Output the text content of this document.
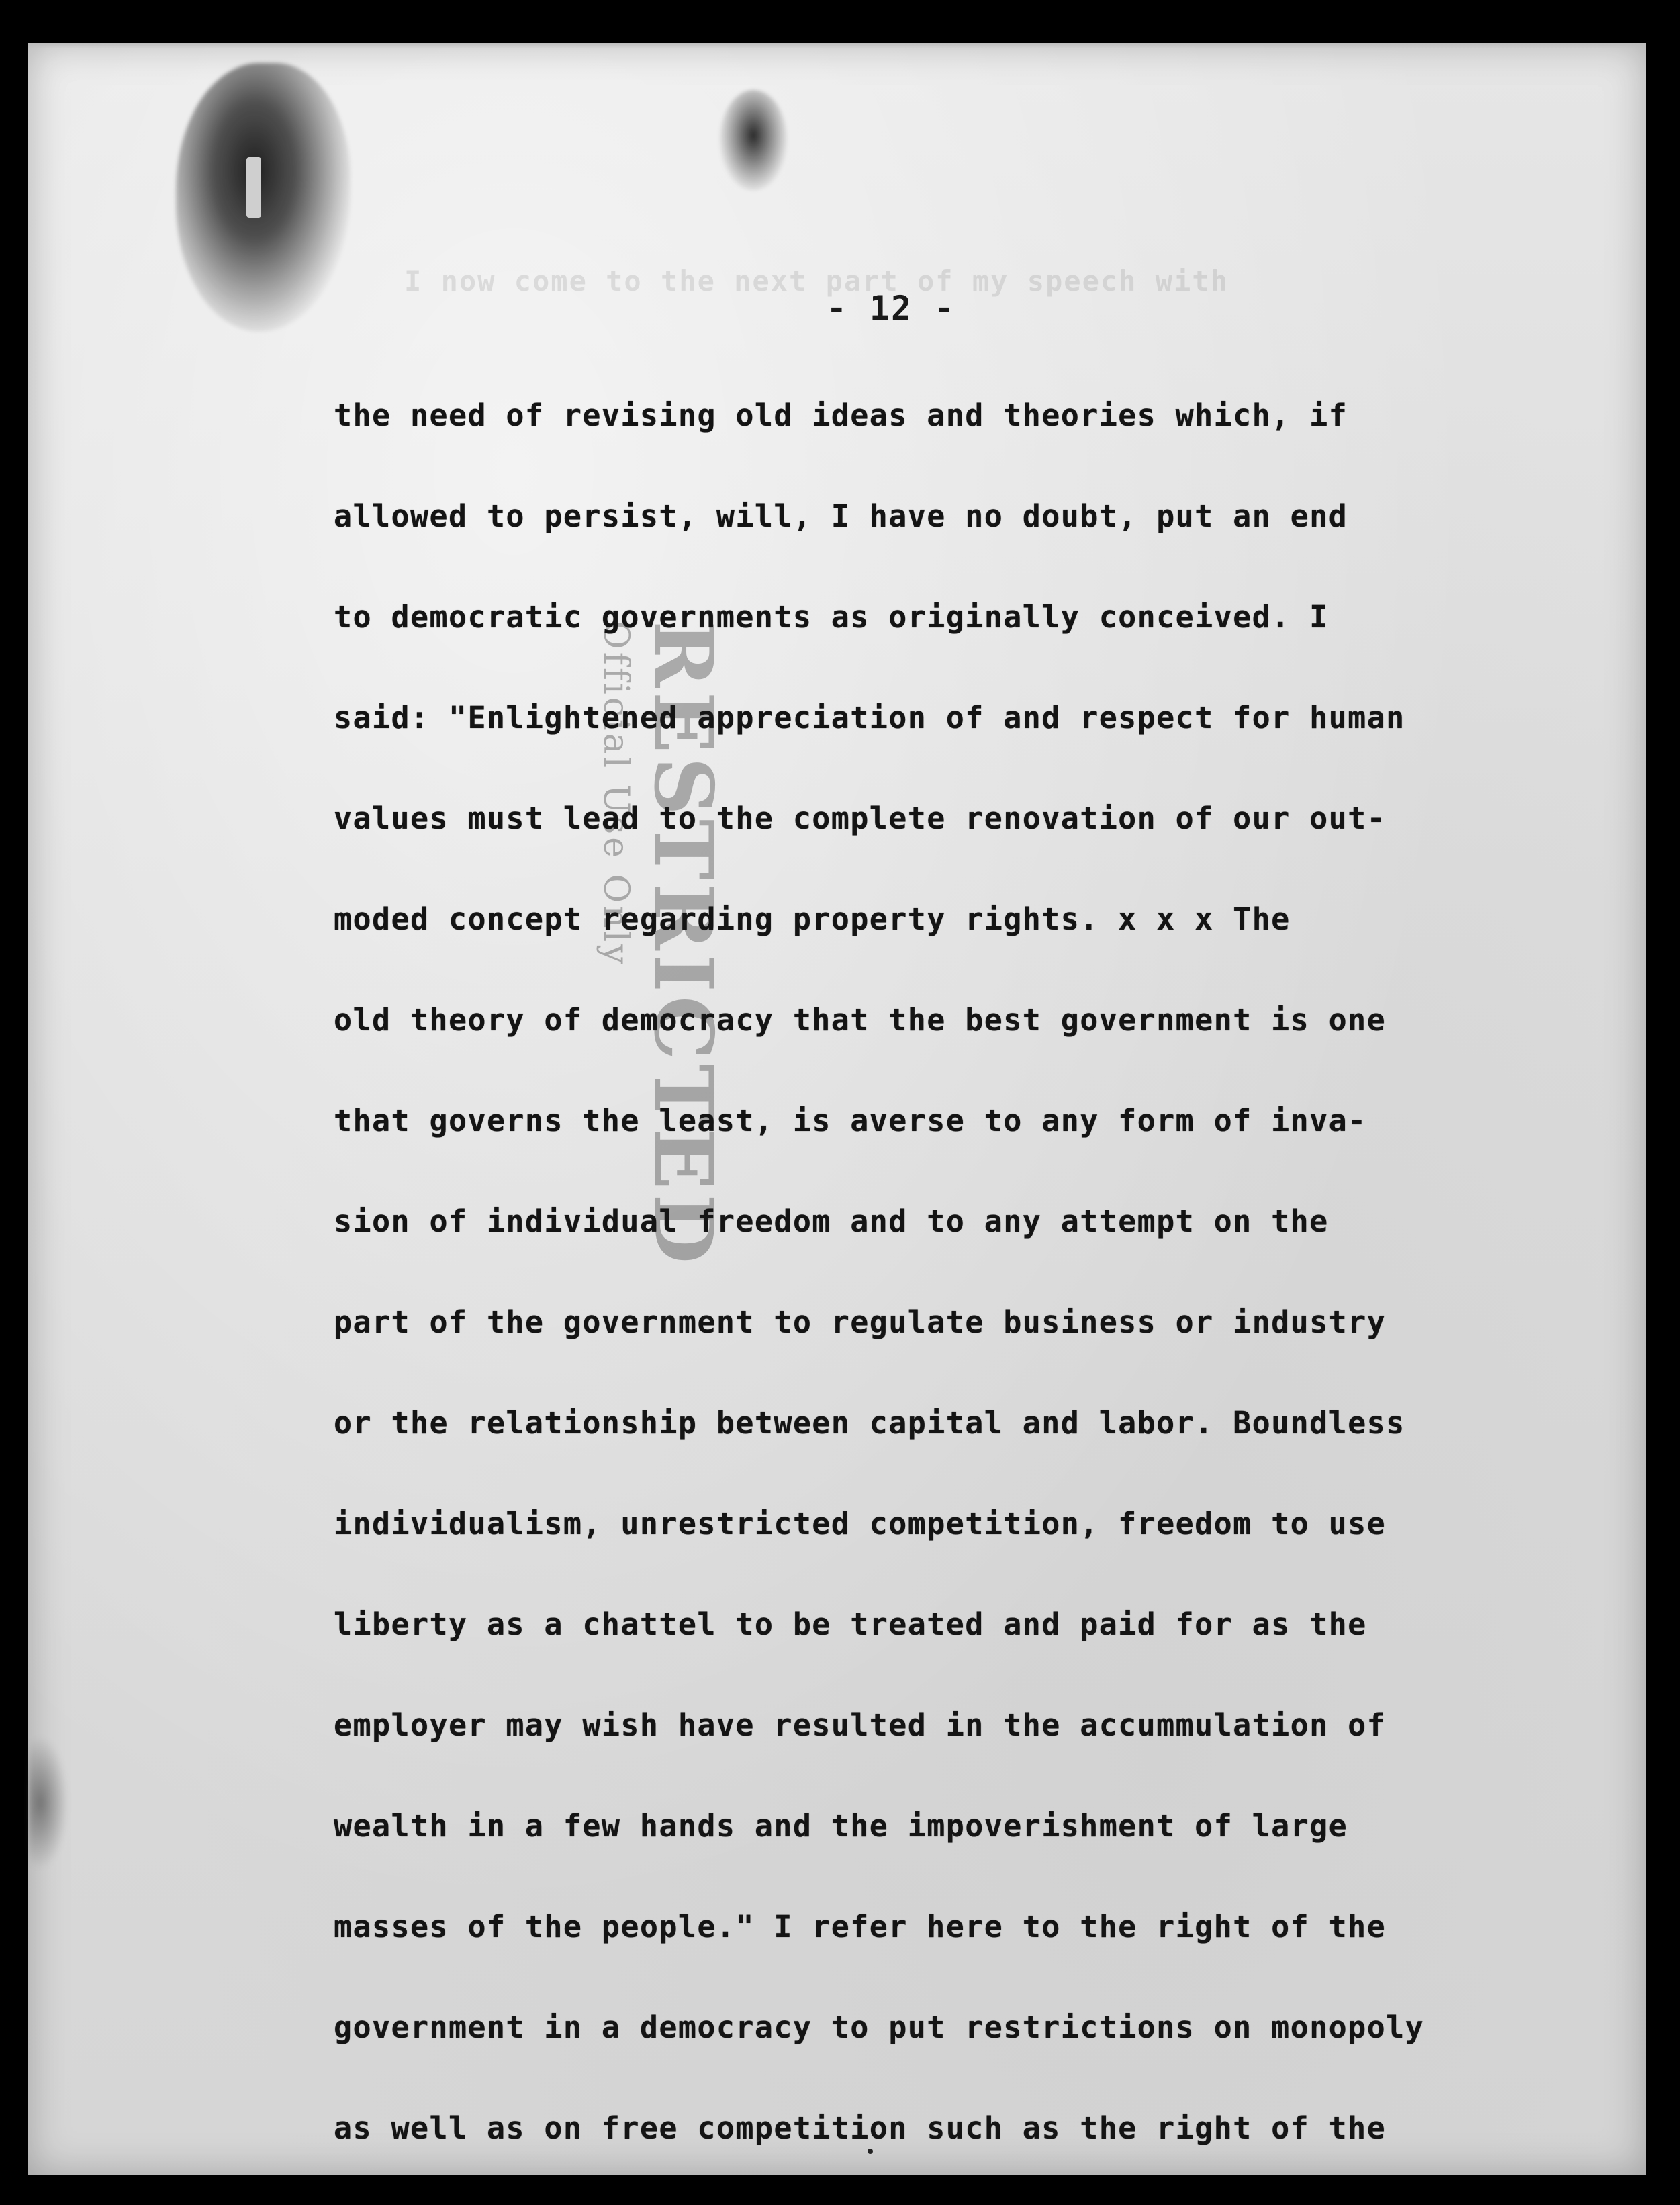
I now come to the next part of my speech with
RESTRICTED
Official Use Only
- 12 -
the need of revising old ideas and theories which, if
allowed to persist, will, I have no doubt, put an end
to democratic governments as originally conceived. I
said: "Enlightened appreciation of and respect for human
values must lead to the complete renovation of our out-
moded concept regarding property rights. x x x The
old theory of democracy that the best government is one
that governs the least, is averse to any form of inva-
sion of individual freedom and to any attempt on the
part of the government to regulate business or industry
or the relationship between capital and labor. Boundless
individualism, unrestricted competition, freedom to use
liberty as a chattel to be treated and paid for as the
employer may wish have resulted in the accummulation of
wealth in a few hands and the impoverishment of large
masses of the people." I refer here to the right of the
government in a democracy to put restrictions on monopoly
as well as on free competition such as the right of the
